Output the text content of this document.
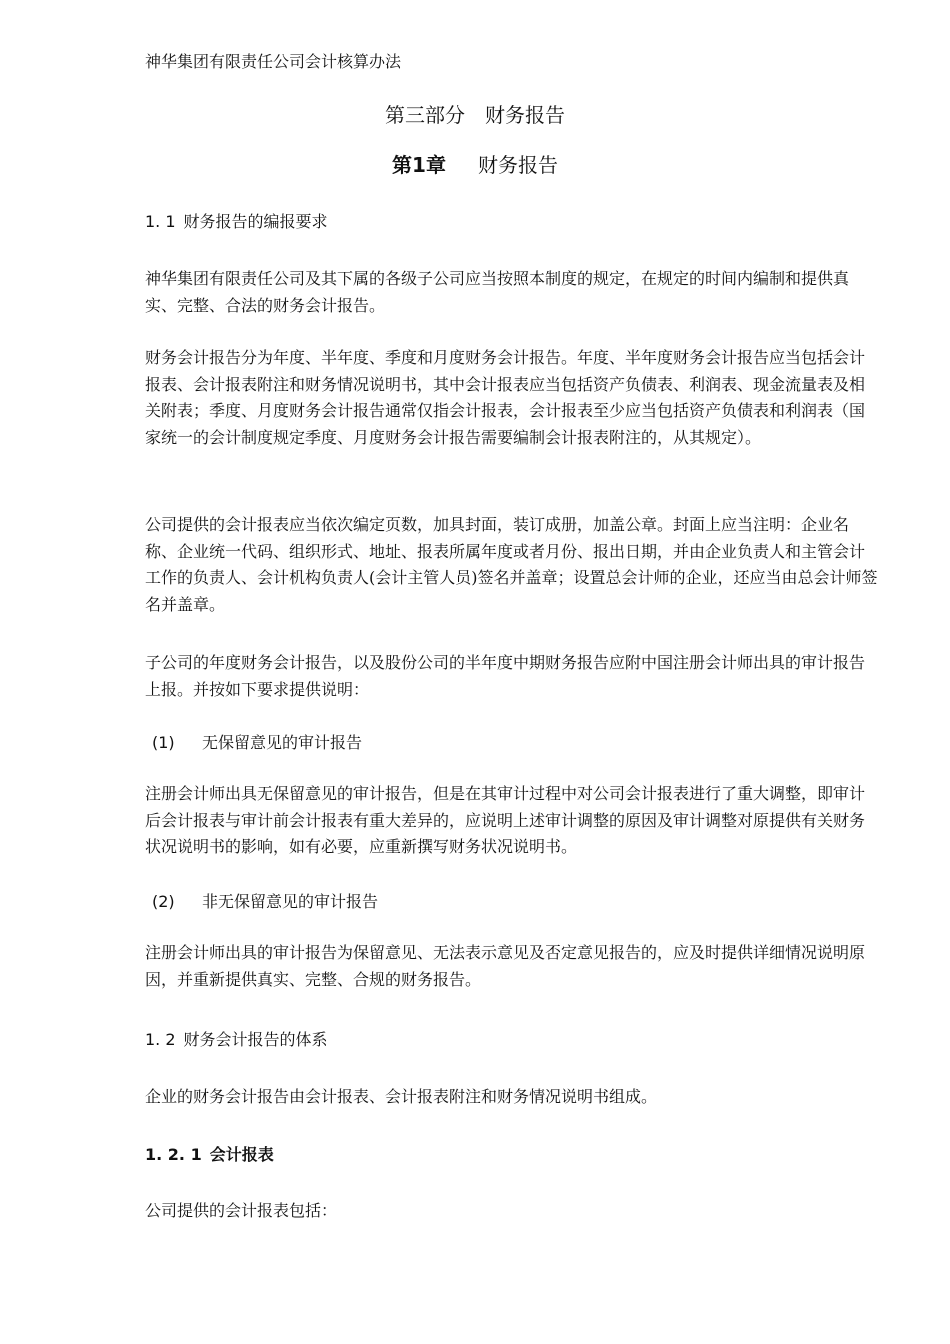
神华集团有限责任公司会计核算办法
第三部分　财务报告
第1章 财务报告
1. 1 财务报告的编报要求

神华集团有限责任公司及其下属的各级子公司应当按照本制度的规定，在规定的时间内编制和提供真实、完整、合法的财务会计报告。

财务会计报告分为年度、半年度、季度和月度财务会计报告。年度、半年度财务会计报告应当包括会计报表、会计报表附注和财务情况说明书，其中会计报表应当包括资产负债表、利润表、现金流量表及相关附表；季度、月度财务会计报告通常仅指会计报表，会计报表至少应当包括资产负债表和利润表（国家统一的会计制度规定季度、月度财务会计报告需要编制会计报表附注的，从其规定）。

公司提供的会计报表应当依次编定页数，加具封面，装订成册，加盖公章。封面上应当注明：企业名称、企业统一代码、组织形式、地址、报表所属年度或者月份、报出日期，并由企业负责人和主管会计工作的负责人、会计机构负责人(会计主管人员)签名并盖章；设置总会计师的企业，还应当由总会计师签名并盖章。

子公司的年度财务会计报告，以及股份公司的半年度中期财务报告应附中国注册会计师出具的审计报告上报。并按如下要求提供说明：

(1) 无保留意见的审计报告

注册会计师出具无保留意见的审计报告，但是在其审计过程中对公司会计报表进行了重大调整，即审计后会计报表与审计前会计报表有重大差异的，应说明上述审计调整的原因及审计调整对原提供有关财务状况说明书的影响，如有必要，应重新撰写财务状况说明书。

(2) 非无保留意见的审计报告

注册会计师出具的审计报告为保留意见、无法表示意见及否定意见报告的，应及时提供详细情况说明原因，并重新提供真实、完整、合规的财务报告。

1. 2 财务会计报告的体系

企业的财务会计报告由会计报表、会计报表附注和财务情况说明书组成。

1. 2. 1 会计报表

公司提供的会计报表包括：
